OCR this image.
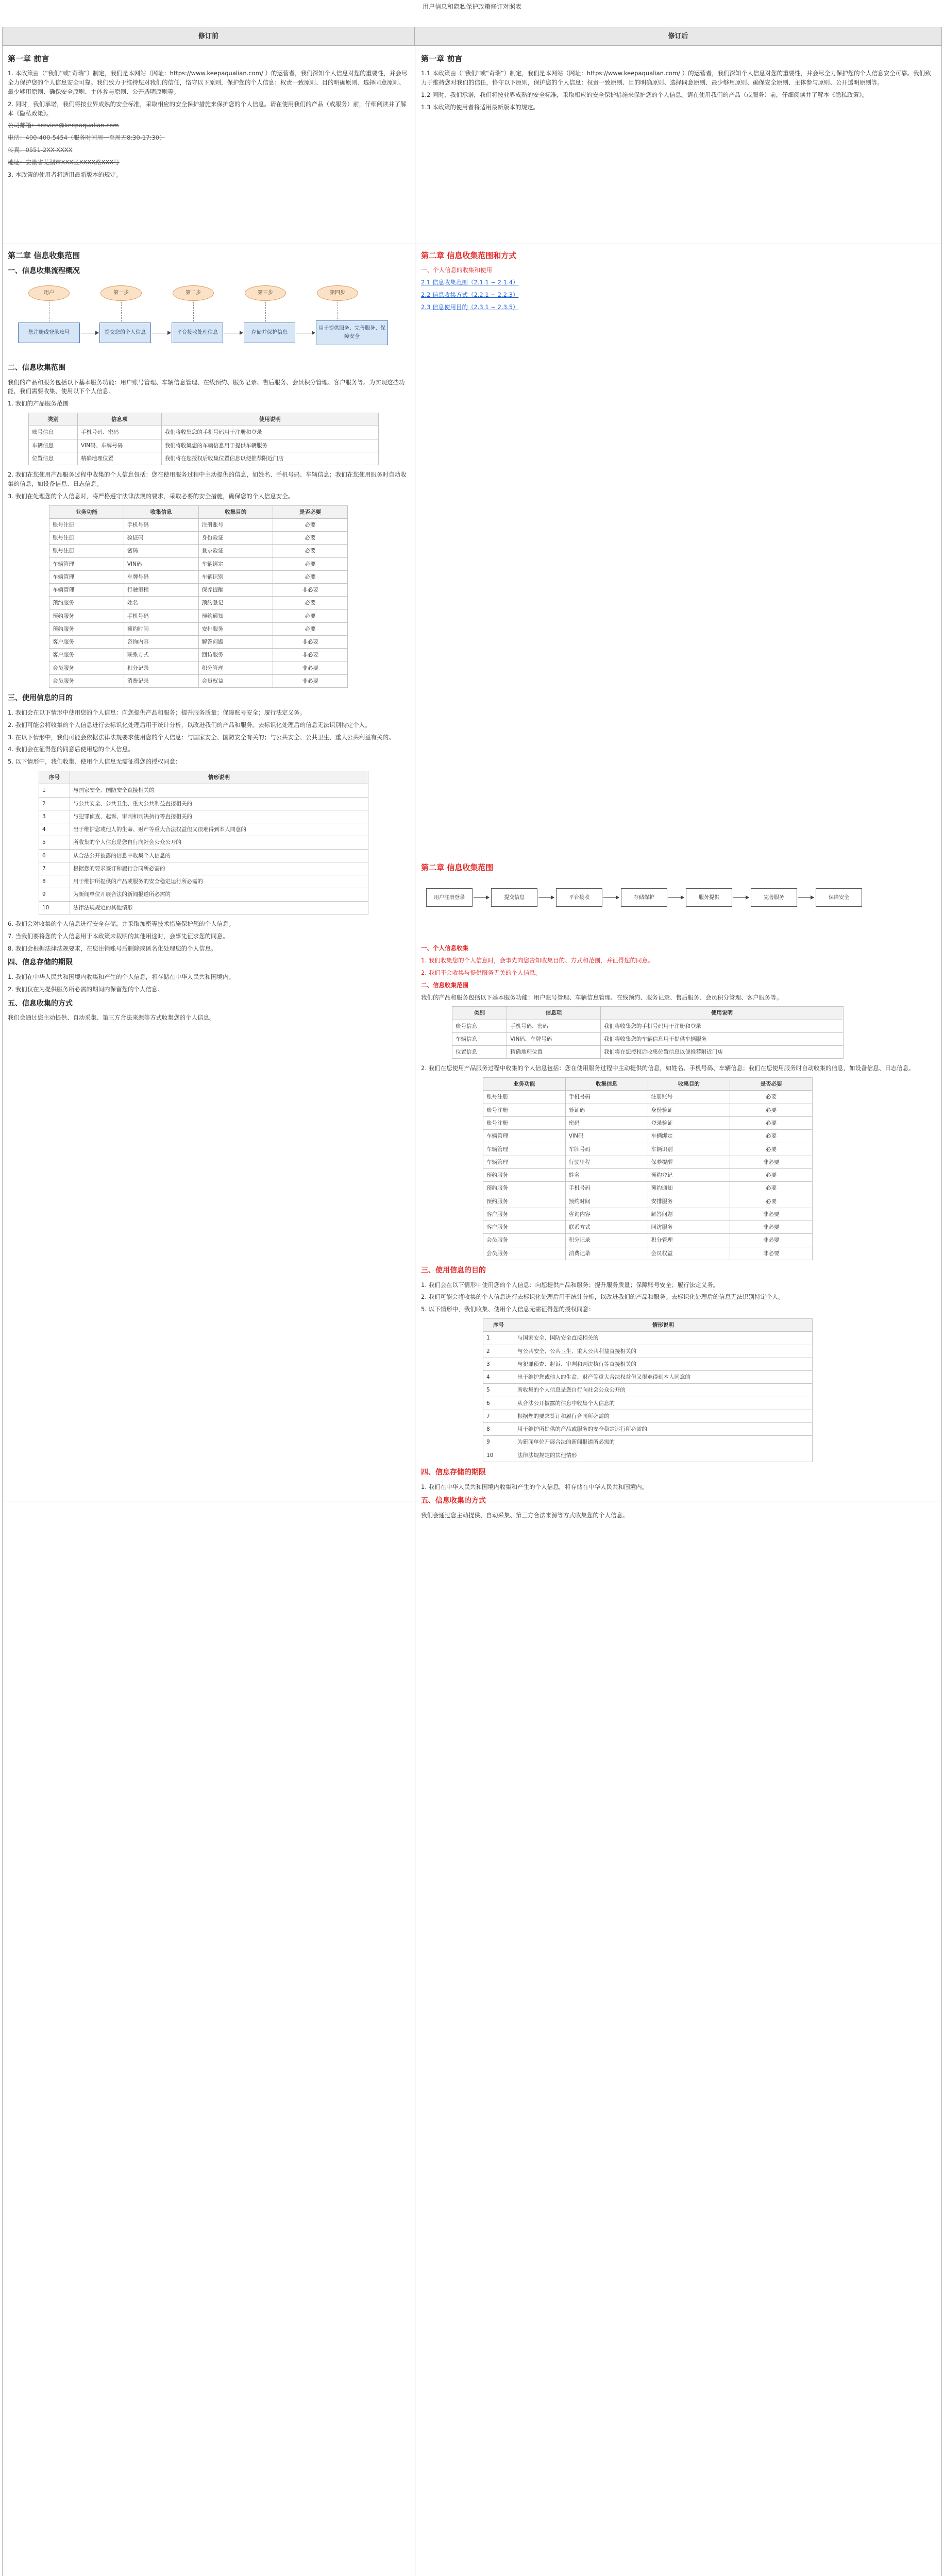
用户信息和隐私保护政策修订对照表
修订前	修订后
第一章 前言

1. 本政策由（“我们”或“奇瑞”）制定，我们是本网站（网址：https://www.keepaqualian.com/ ）的运营者，我们深知个人信息对您的重要性，并会尽全力保护您的个人信息安全可靠。我们致力于维持您对我们的信任，恪守以下原则，保护您的个人信息：权责一致原则、目的明确原则、选择同意原则、最少够用原则、确保安全原则、主体参与原则、公开透明原则等。

2. 同时，我们承诺，我们将按业界成熟的安全标准，采取相应的安全保护措施来保护您的个人信息。请在使用我们的产品（或服务）前，仔细阅读并了解本《隐私政策》。

公司邮箱：service@keepaqualian.com

电话：400-400-5454（服务时间周一至周五8:30-17:30）

传真：0551-2XX-XXXX

地址：安徽省芜湖市XXX区XXXX路XXX号

3. 本政策的使用者将适用最新版本的规定。

第一章 前言

1.1 本政策由（“我们”或“奇瑞”）制定，我们是本网站（网址：https://www.keepaqualian.com/ ）的运营者，我们深知个人信息对您的重要性，并会尽全力保护您的个人信息安全可靠。我们致力于维持您对我们的信任，恪守以下原则，保护您的个人信息：权责一致原则、目的明确原则、选择同意原则、最少够用原则、确保安全原则、主体参与原则、公开透明原则等。

1.2 同时，我们承诺，我们将按业界成熟的安全标准，采取相应的安全保护措施来保护您的个人信息。请在使用我们的产品（或服务）前，仔细阅读并了解本《隐私政策》。

1.3 本政策的使用者将适用最新版本的规定。

第二章 信息收集范围
一、信息收集流程概况
用户	第一步	第二步	第三步	第四步
您注册或登录账号	提交您的个人信息	平台接收处理信息	存储并保护信息
用于提供服务、完善服务、保障安全
二、信息收集范围

我们的产品和服务包括以下基本服务功能：用户账号管理、车辆信息管理、在线预约、服务记录、售后服务、会员积分管理、客户服务等。为实现这些功能，我们需要收集、使用以下个人信息。

1. 我们的产品服务范围

类别	信息项	使用说明
账号信息	手机号码、密码	我们将收集您的手机号码用于注册和登录
车辆信息	VIN码、车牌号码	我们将收集您的车辆信息用于提供车辆服务
位置信息	精确地理位置	我们将在您授权后收集位置信息以便推荐附近门店

2. 我们在您使用产品服务过程中收集的个人信息包括：您在使用服务过程中主动提供的信息，如姓名、手机号码、车辆信息；我们在您使用服务时自动收集的信息，如设备信息、日志信息。

3. 我们在处理您的个人信息时，将严格遵守法律法规的要求，采取必要的安全措施，确保您的个人信息安全。

业务功能	收集信息	收集目的	是否必要
账号注册	手机号码	注册账号	必要
账号注册	验证码	身份验证	必要
账号注册	密码	登录验证	必要
车辆管理	VIN码	车辆绑定	必要
车辆管理	车牌号码	车辆识别	必要
车辆管理	行驶里程	保养提醒	非必要
预约服务	姓名	预约登记	必要
预约服务	手机号码	预约通知	必要
预约服务	预约时间	安排服务	必要
客户服务	咨询内容	解答问题	非必要
客户服务	联系方式	回访服务	非必要
会员服务	积分记录	积分管理	非必要
会员服务	消费记录	会员权益	非必要
三、使用信息的目的

1. 我们会在以下情形中使用您的个人信息：向您提供产品和服务；提升服务质量；保障账号安全；履行法定义务。

2. 我们可能会将收集的个人信息进行去标识化处理后用于统计分析，以改进我们的产品和服务。去标识化处理后的信息无法识别特定个人。

3. 在以下情形中，我们可能会依据法律法规要求使用您的个人信息：与国家安全、国防安全有关的；与公共安全、公共卫生、重大公共利益有关的。

4. 我们会在征得您的同意后使用您的个人信息。

5. 以下情形中，我们收集、使用个人信息无需征得您的授权同意：

序号	情形说明
1	与国家安全、国防安全直接相关的
2	与公共安全、公共卫生、重大公共利益直接相关的
3	与犯罪侦查、起诉、审判和判决执行等直接相关的
4	出于维护您或他人的生命、财产等重大合法权益但又很难得到本人同意的
5	所收集的个人信息是您自行向社会公众公开的
6	从合法公开披露的信息中收集个人信息的
7	根据您的要求签订和履行合同所必需的
8	用于维护所提供的产品或服务的安全稳定运行所必需的
9	为新闻单位开展合法的新闻报道所必需的
10	法律法规规定的其他情形

6. 我们会对收集的个人信息进行安全存储，并采取加密等技术措施保护您的个人信息。

7. 当我们要将您的个人信息用于本政策未载明的其他用途时，会事先征求您的同意。

8. 我们会根据法律法规要求，在您注销账号后删除或匿名化处理您的个人信息。

四、信息存储的期限

1. 我们在中华人民共和国境内收集和产生的个人信息，将存储在中华人民共和国境内。

2. 我们仅在为提供服务所必需的期间内保留您的个人信息。

五、信息收集的方式

我们会通过您主动提供、自动采集、第三方合法来源等方式收集您的个人信息。

第二章 信息收集范围和方式

一、个人信息的收集和使用

2.1 信息收集范围（2.1.1 ~ 2.1.4）

2.2 信息收集方式（2.2.1 ~ 2.2.3）

2.3 信息使用目的（2.3.1 ~ 2.3.5）

第二章 信息收集范围
用户注册登录	提交信息	平台接收	存储保护	服务提供	完善服务	保障安全

一、个人信息收集

1. 我们收集您的个人信息时，会事先向您告知收集目的、方式和范围，并征得您的同意。

2. 我们不会收集与提供服务无关的个人信息。

二、信息收集范围

我们的产品和服务包括以下基本服务功能：用户账号管理、车辆信息管理、在线预约、服务记录、售后服务、会员积分管理、客户服务等。

类别	信息项	使用说明
账号信息	手机号码、密码	我们将收集您的手机号码用于注册和登录
车辆信息	VIN码、车牌号码	我们将收集您的车辆信息用于提供车辆服务
位置信息	精确地理位置	我们将在您授权后收集位置信息以便推荐附近门店

2. 我们在您使用产品服务过程中收集的个人信息包括：您在使用服务过程中主动提供的信息，如姓名、手机号码、车辆信息；我们在您使用服务时自动收集的信息，如设备信息、日志信息。

业务功能	收集信息	收集目的	是否必要
账号注册	手机号码	注册账号	必要
账号注册	验证码	身份验证	必要
账号注册	密码	登录验证	必要
车辆管理	VIN码	车辆绑定	必要
车辆管理	车牌号码	车辆识别	必要
车辆管理	行驶里程	保养提醒	非必要
预约服务	姓名	预约登记	必要
预约服务	手机号码	预约通知	必要
预约服务	预约时间	安排服务	必要
客户服务	咨询内容	解答问题	非必要
客户服务	联系方式	回访服务	非必要
会员服务	积分记录	积分管理	非必要
会员服务	消费记录	会员权益	非必要
三、使用信息的目的

1. 我们会在以下情形中使用您的个人信息：向您提供产品和服务；提升服务质量；保障账号安全；履行法定义务。

2. 我们可能会将收集的个人信息进行去标识化处理后用于统计分析，以改进我们的产品和服务。去标识化处理后的信息无法识别特定个人。

5. 以下情形中，我们收集、使用个人信息无需征得您的授权同意：

序号	情形说明
1	与国家安全、国防安全直接相关的
2	与公共安全、公共卫生、重大公共利益直接相关的
3	与犯罪侦查、起诉、审判和判决执行等直接相关的
4	出于维护您或他人的生命、财产等重大合法权益但又很难得到本人同意的
5	所收集的个人信息是您自行向社会公众公开的
6	从合法公开披露的信息中收集个人信息的
7	根据您的要求签订和履行合同所必需的
8	用于维护所提供的产品或服务的安全稳定运行所必需的
9	为新闻单位开展合法的新闻报道所必需的
10	法律法规规定的其他情形
四、信息存储的期限

1. 我们在中华人民共和国境内收集和产生的个人信息，将存储在中华人民共和国境内。

五、信息收集的方式

我们会通过您主动提供、自动采集、第三方合法来源等方式收集您的个人信息。
